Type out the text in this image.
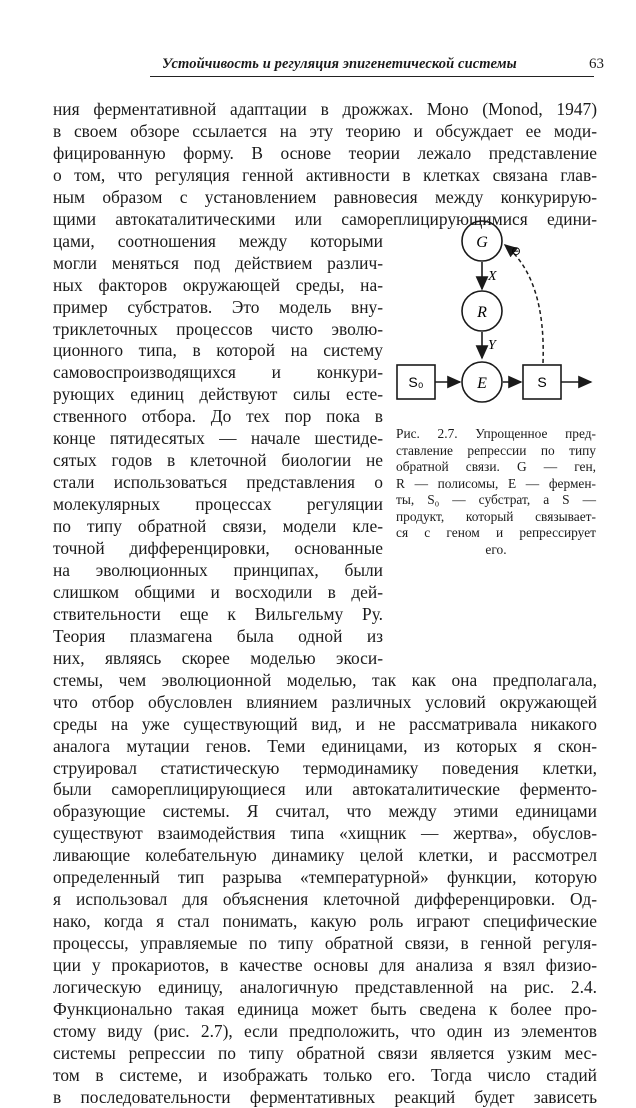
Устойчивость и регуляция эпигенетической системы	63
ния ферментативной адаптации в дрожжах. Моно (Monod, 1947)
в своем обзоре ссылается на эту теорию и обсуждает ее моди-
фицированную форму. В основе теории лежало представление
о том, что регуляция генной активности в клетках связана глав-
ным образом с установлением равновесия между конкурирую-
щими автокаталитическими или самореплицирующимися едини-
цами, соотношения между которыми
могли меняться под действием различ-
ных факторов окружающей среды, на-
пример субстратов. Это модель вну-
триклеточных процессов чисто эволю-
ционного типа, в которой на систему
самовоспроизводящихся и конкури-
рующих единиц действуют силы есте-
ственного отбора. До тех пор пока в
конце пятидесятых — начале шестиде-
сятых годов в клеточной биологии не
стали использоваться представления о
молекулярных процессах регуляции
по типу обратной связи, модели кле-
точной дифференцировки, основанные
на эволюционных принципах, были
слишком общими и восходили в дей-
ствительности еще к Вильгельму Ру.
Теория плазмагена была одной из
них, являясь скорее моделью экоси-
стемы, чем эволюционной моделью, так как она предполагала,
что отбор обусловлен влиянием различных условий окружающей
среды на уже существующий вид, и не рассматривала никакого
аналога мутации генов. Теми единицами, из которых я скон-
струировал статистическую термодинамику поведения клетки,
были самореплицирующиеся или автокаталитические ферменто-
образующие системы. Я считал, что между этими единицами
существуют взаимодействия типа «хищник — жертва», обуслов-
ливающие колебательную динамику целой клетки, и рассмотрел
определенный тип разрыва «температурной» функции, которую
я использовал для объяснения клеточной дифференцировки. Од-
нако, когда я стал понимать, какую роль играют специфические
процессы, управляемые по типу обратной связи, в генной регуля-
ции у прокариотов, в качестве основы для анализа я взял физио-
логическую единицу, аналогичную представленной на рис. 2.4.
Функционально такая единица может быть сведена к более про-
стому виду (рис. 2.7), если предположить, что один из элементов
системы репрессии по типу обратной связи является узким мес-
том в системе, и изображать только его. Тогда число стадий
в последовательности ферментативных реакций будет зависеть
G
X
R
Y
S₀	E	S
⊖
Рис. 2.7. Упрощенное пред-
ставление репрессии по типу
обратной связи. G — ген,
R — полисомы, E — фермен-
ты, S₀ — субстрат, а S —
продукт, который связывает-
ся с геном и репрессирует
его.
